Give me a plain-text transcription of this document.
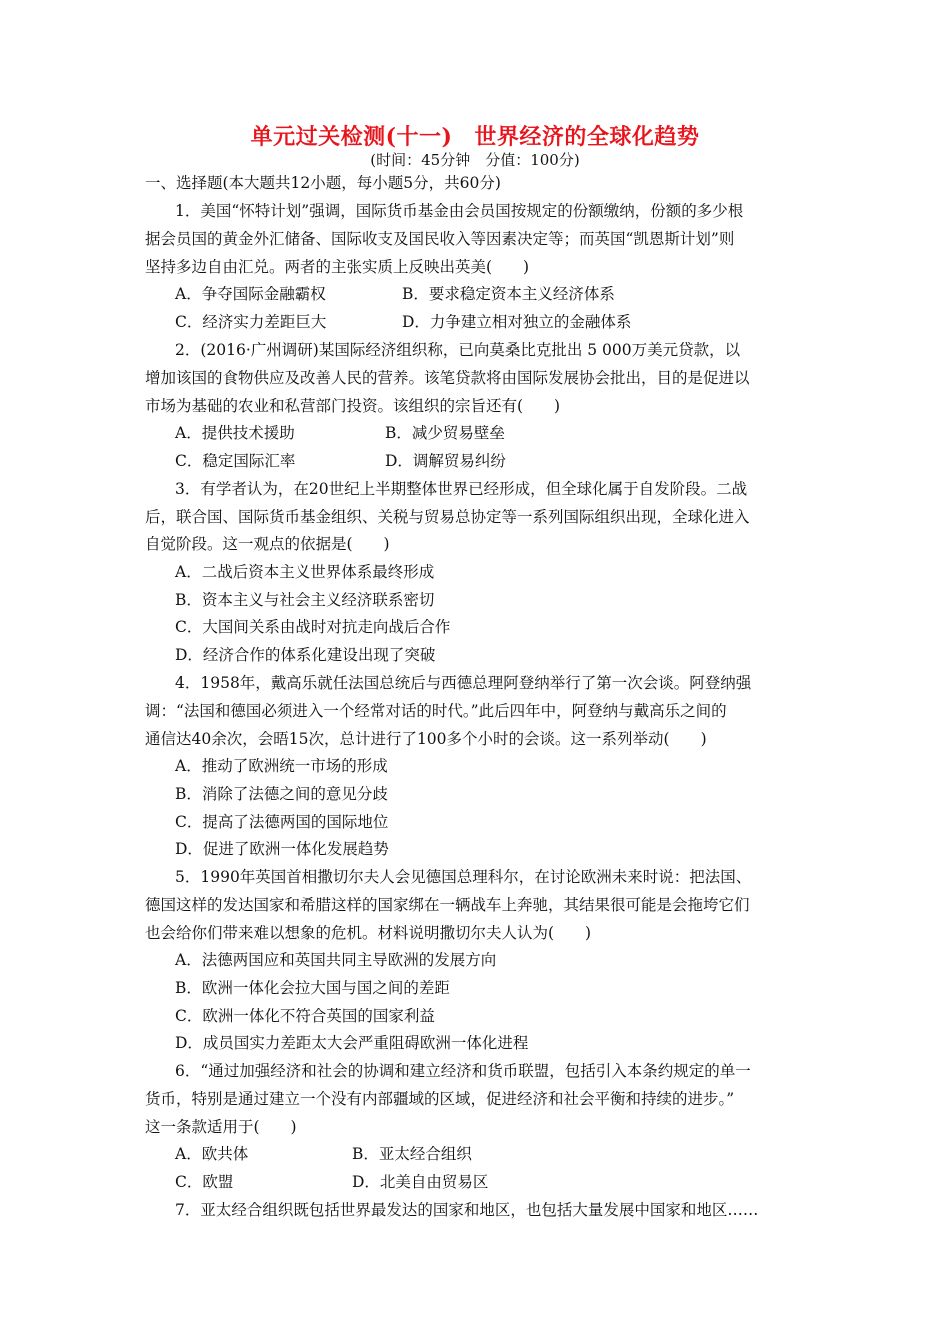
单元过关检测(十一) 世界经济的全球化趋势
(时间：45分钟　分值：100分)
一、选择题(本大题共12小题，每小题5分，共60分)
1．美国“怀特计划”强调，国际货币基金由会员国按规定的份额缴纳，份额的多少根
据会员国的黄金外汇储备、国际收支及国民收入等因素决定等；而英国“凯恩斯计划”则
坚持多边自由汇兑。两者的主张实质上反映出英美(　　)
A．争夺国际金融霸权	B．要求稳定资本主义经济体系
C．经济实力差距巨大	D．力争建立相对独立的金融体系
2．(2016·广州调研)某国际经济组织称，已向莫桑比克批出 5 000万美元贷款，以
增加该国的食物供应及改善人民的营养。该笔贷款将由国际发展协会批出，目的是促进以
市场为基础的农业和私营部门投资。该组织的宗旨还有(　　)
A．提供技术援助	B．减少贸易壁垒
C．稳定国际汇率	D．调解贸易纠纷
3．有学者认为，在20世纪上半期整体世界已经形成，但全球化属于自发阶段。二战
后，联合国、国际货币基金组织、关税与贸易总协定等一系列国际组织出现，全球化进入
自觉阶段。这一观点的依据是(　　)
A．二战后资本主义世界体系最终形成
B．资本主义与社会主义经济联系密切
C．大国间关系由战时对抗走向战后合作
D．经济合作的体系化建设出现了突破
4．1958年，戴高乐就任法国总统后与西德总理阿登纳举行了第一次会谈。阿登纳强
调：“法国和德国必须进入一个经常对话的时代。”此后四年中，阿登纳与戴高乐之间的
通信达40余次，会晤15次，总计进行了100多个小时的会谈。这一系列举动(　　)
A．推动了欧洲统一市场的形成
B．消除了法德之间的意见分歧
C．提高了法德两国的国际地位
D．促进了欧洲一体化发展趋势
5．1990年英国首相撒切尔夫人会见德国总理科尔，在讨论欧洲未来时说：把法国、
德国这样的发达国家和希腊这样的国家绑在一辆战车上奔驰，其结果很可能是会拖垮它们
也会给你们带来难以想象的危机。材料说明撒切尔夫人认为(　　)
A．法德两国应和英国共同主导欧洲的发展方向
B．欧洲一体化会拉大国与国之间的差距
C．欧洲一体化不符合英国的国家利益
D．成员国实力差距太大会严重阻碍欧洲一体化进程
6．“通过加强经济和社会的协调和建立经济和货币联盟，包括引入本条约规定的单一
货币，特别是通过建立一个没有内部疆域的区域，促进经济和社会平衡和持续的进步。”
这一条款适用于(　　)
A．欧共体	B．亚太经合组织
C．欧盟	D．北美自由贸易区
7．亚太经合组织既包括世界最发达的国家和地区，也包括大量发展中国家和地区……
